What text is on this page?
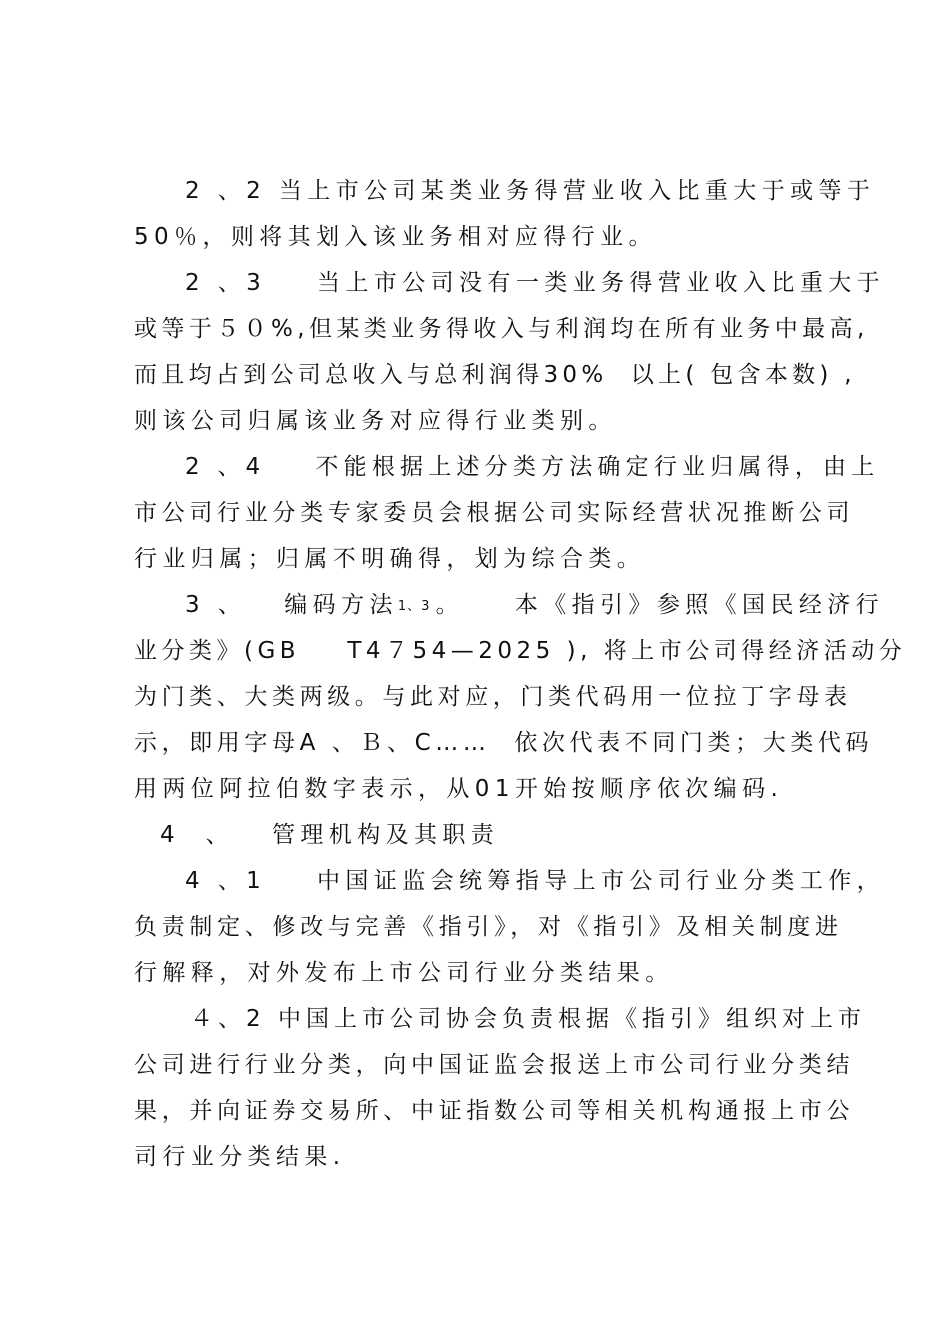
2 、2 当上市公司某类业务得营业收入比重大于或等于
50％，则将其划入该业务相对应得行业。
2 、3    当上市公司没有一类业务得营业收入比重大于
或等于５０%,但某类业务得收入与利润均在所有业务中最高,
而且均占到公司总收入与总利润得30%  以上( 包含本数) ,
则该公司归属该业务对应得行业类别。
2 、4    不能根据上述分类方法确定行业归属得，由上
市公司行业分类专家委员会根据公司实际经营状况推断公司
行业归属；归属不明确得，划为综合类。
3 、   编码方法1、3 。    本《指引》参照《国民经济行
业分类》(GB    T4７54—2025 ), 将上市公司得经济活动分
为门类、大类两级。与此对应，门类代码用一位拉丁字母表
示，即用字母A 、Ｂ、C……  依次代表不同门类；大类代码
用两位阿拉伯数字表示，从01开始按顺序依次编码.
4  、   管理机构及其职责
4 、1    中国证监会统筹指导上市公司行业分类工作，
负责制定、修改与完善《指引》，对《指引》及相关制度进
行解释，对外发布上市公司行业分类结果。
４、2 中国上市公司协会负责根据《指引》组织对上市
公司进行行业分类，向中国证监会报送上市公司行业分类结
果，并向证券交易所、中证指数公司等相关机构通报上市公
司行业分类结果.
